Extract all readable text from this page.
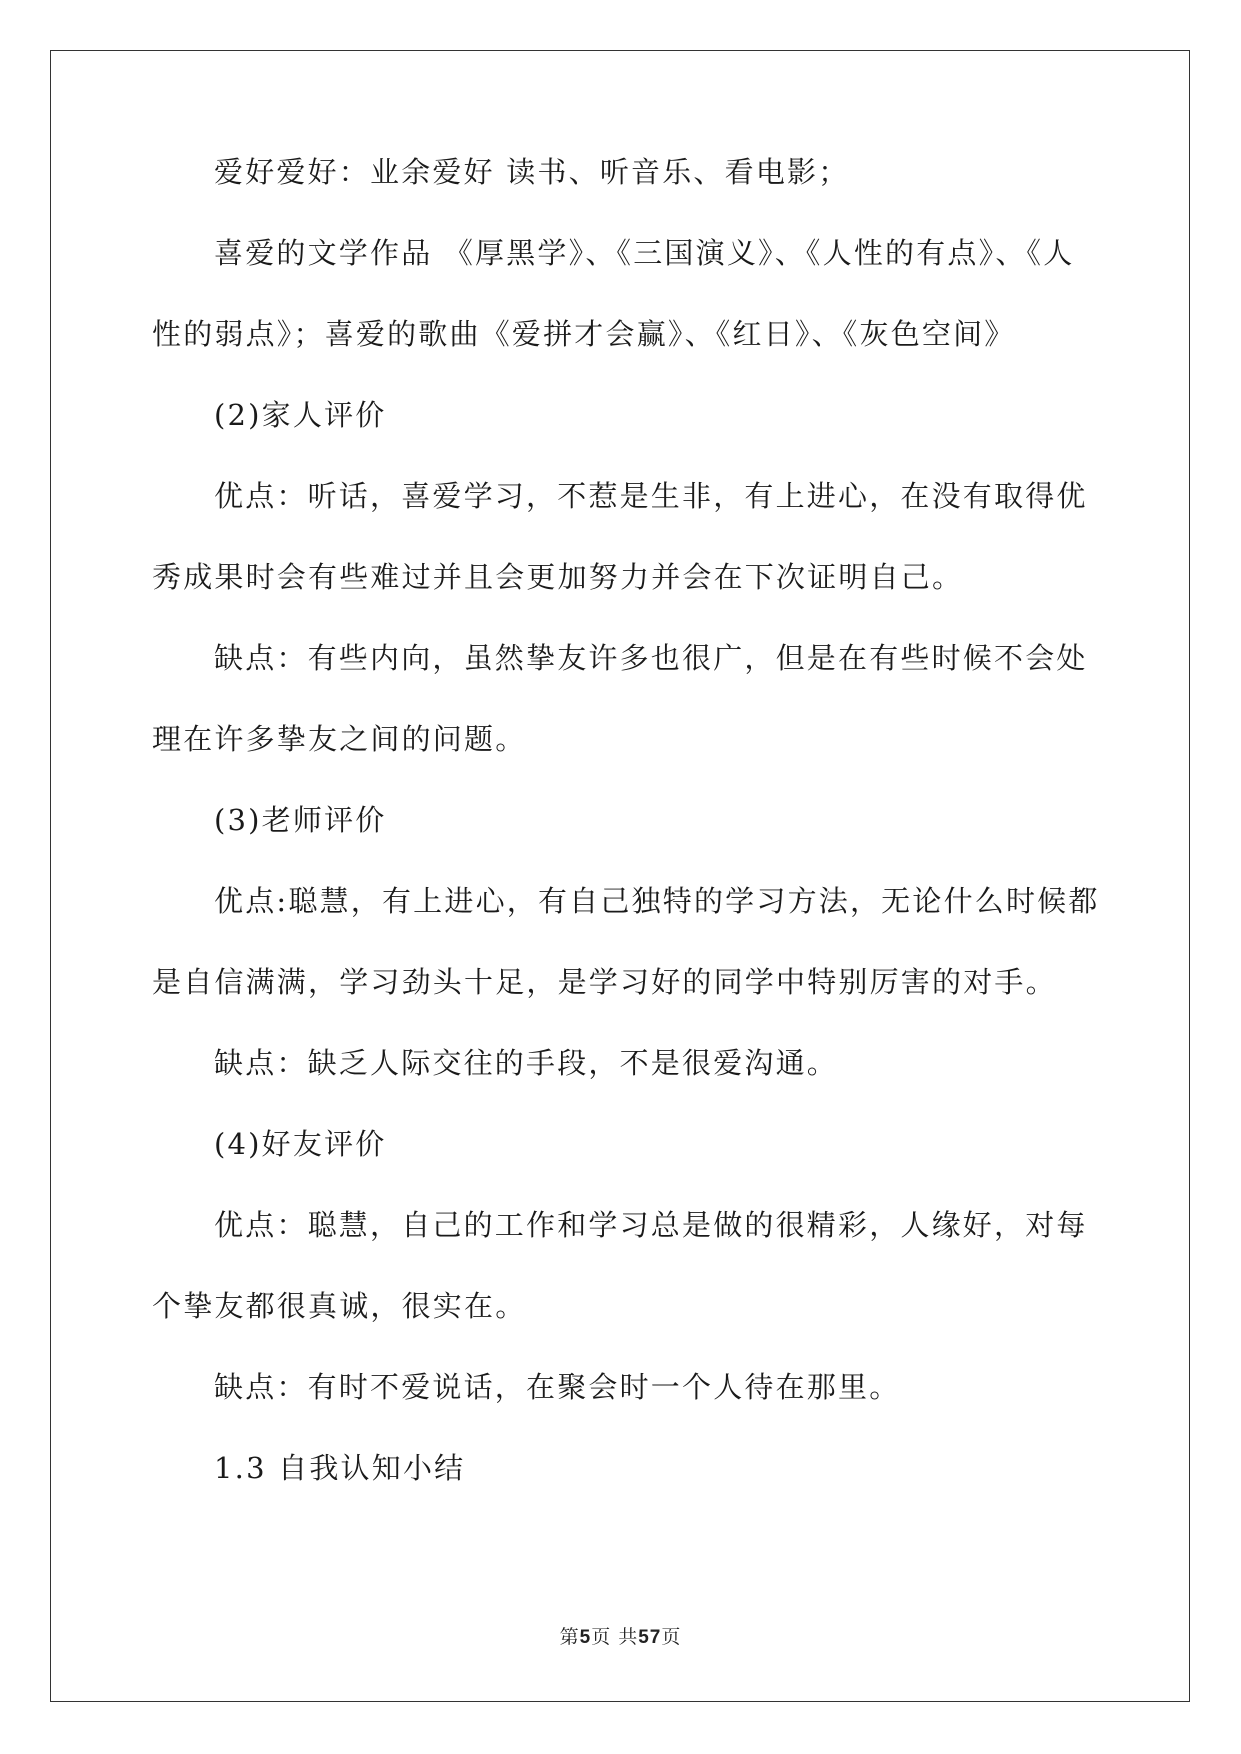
爱好爱好：业余爱好 读书、听音乐、看电影；
喜爱的文学作品 《厚黑学》、《三国演义》、《人性的有点》、《人
性的弱点》；喜爱的歌曲《爱拼才会赢》、《红日》、《灰色空间》
(2)家人评价
优点：听话，喜爱学习，不惹是生非，有上进心，在没有取得优
秀成果时会有些难过并且会更加努力并会在下次证明自己。
缺点：有些内向，虽然挚友许多也很广，但是在有些时候不会处
理在许多挚友之间的问题。
(3)老师评价
优点:聪慧，有上进心，有自己独特的学习方法，无论什么时候都
是自信满满，学习劲头十足，是学习好的同学中特别厉害的对手。
缺点：缺乏人际交往的手段，不是很爱沟通。
(4)好友评价
优点：聪慧，自己的工作和学习总是做的很精彩，人缘好，对每
个挚友都很真诚，很实在。
缺点：有时不爱说话，在聚会时一个人待在那里。
1.3 自我认知小结
第5页 共57页
